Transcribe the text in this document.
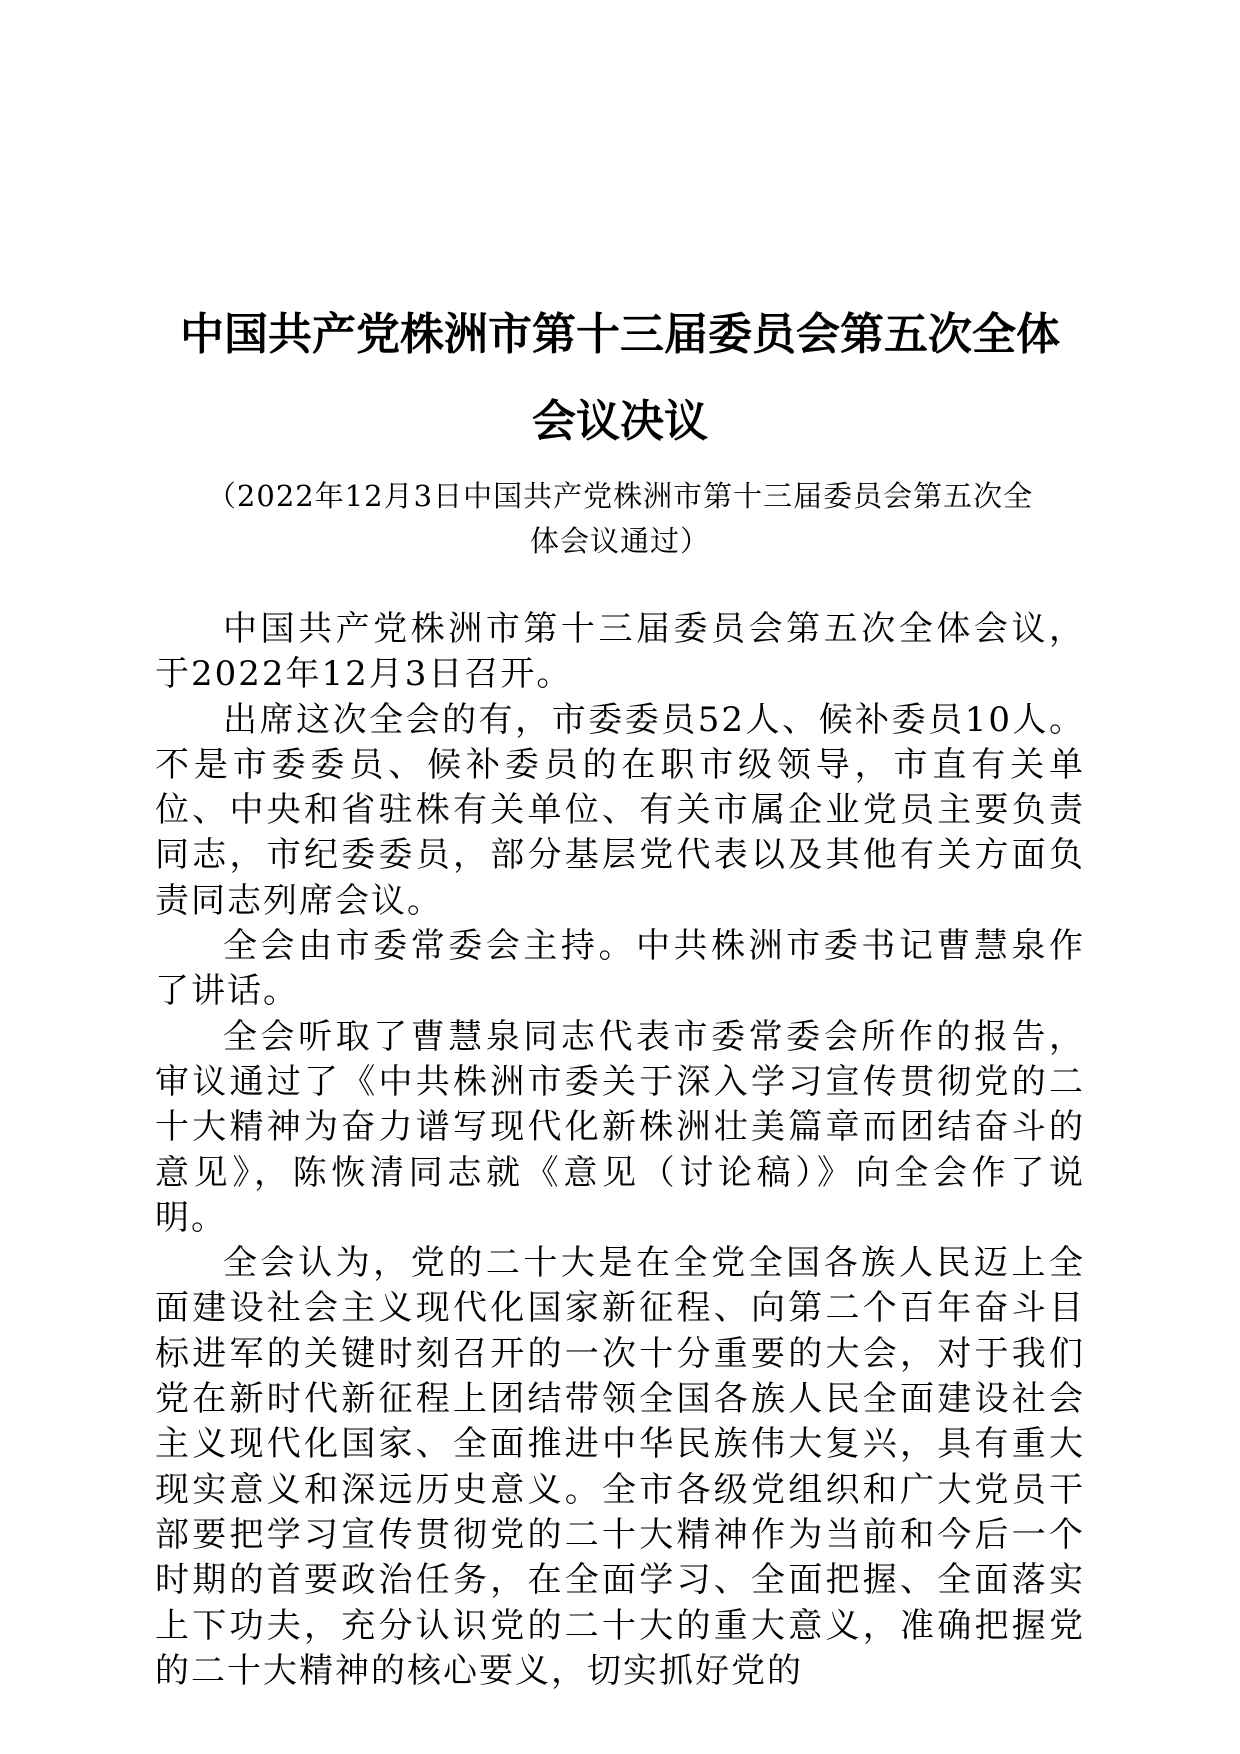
中国共产党株洲市第十三届委员会第五次全体
会议决议

（2022年12月3日中国共产党株洲市第十三届委员会第五次全

体会议通过）

中国共产党株洲市第十三届委员会第五次全体会议，于2022年12月3日召开。

出席这次全会的有，市委委员52人、候补委员10人。不是市委委员、候补委员的在职市级领导，市直有关单位、中央和省驻株有关单位、有关市属企业党员主要负责同志，市纪委委员，部分基层党代表以及其他有关方面负责同志列席会议。

全会由市委常委会主持。中共株洲市委书记曹慧泉作了讲话。

全会听取了曹慧泉同志代表市委常委会所作的报告，审议通过了《中共株洲市委关于深入学习宣传贯彻党的二十大精神为奋力谱写现代化新株洲壮美篇章而团结奋斗的意见》，陈恢清同志就《意见（讨论稿）》向全会作了说明。

全会认为，党的二十大是在全党全国各族人民迈上全面建设社会主义现代化国家新征程、向第二个百年奋斗目标进军的关键时刻召开的一次十分重要的大会，对于我们党在新时代新征程上团结带领全国各族人民全面建设社会主义现代化国家、全面推进中华民族伟大复兴，具有重大现实意义和深远历史意义。全市各级党组织和广大党员干部要把学习宣传贯彻党的二十大精神作为当前和今后一个时期的首要政治任务，在全面学习、全面把握、全面落实上下功夫，充分认识党的二十大的重大意义，准确把握党的二十大精神的核心要义，切实抓好党的
